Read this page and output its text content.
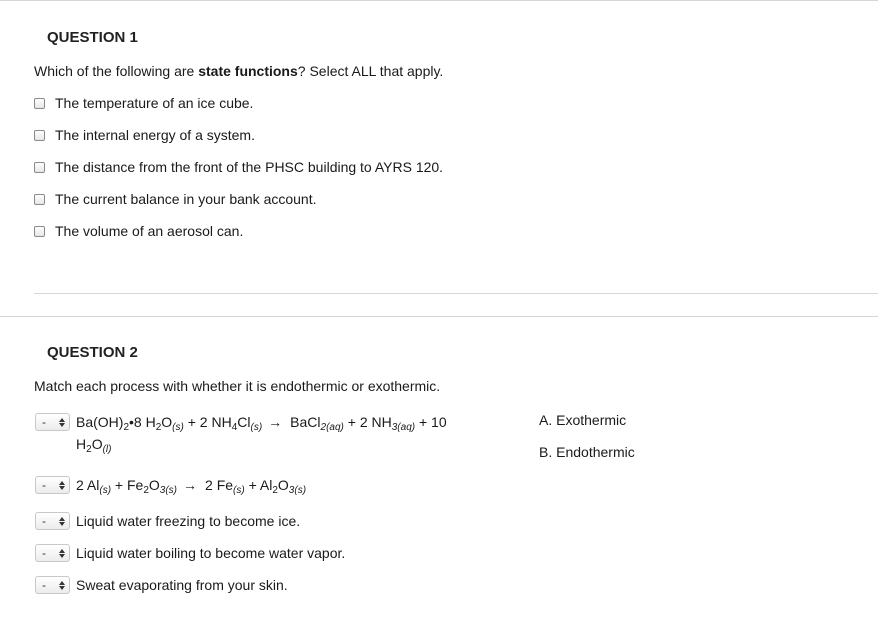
QUESTION 1
Which of the following are state functions? Select ALL that apply.
The temperature of an ice cube.
The internal energy of a system.
The distance from the front of the PHSC building to AYRS 120.
The current balance in your bank account.
The volume of an aerosol can.
QUESTION 2
Match each process with whether it is endothermic or exothermic.
- $Ba(OH)_2•8$ $H_2O_{(s)} + 2$ $NH_4Cl_{(s)}$ → BaCl$_{2(aq)}$ + 2 $NH_{3(aq)} + 10$
$H_2O_{(l)}$
- 2 $Al_{(s)} + Fe_2O_{3(s)} \to 2$ $Fe_{(s)} + Al_2O_{3(s)}$
- Liquid water freezing to become ice.
- Liquid water boiling to become water vapor.
- Sweat evaporating from your skin.
A. Exothermic
B. Endothermic
